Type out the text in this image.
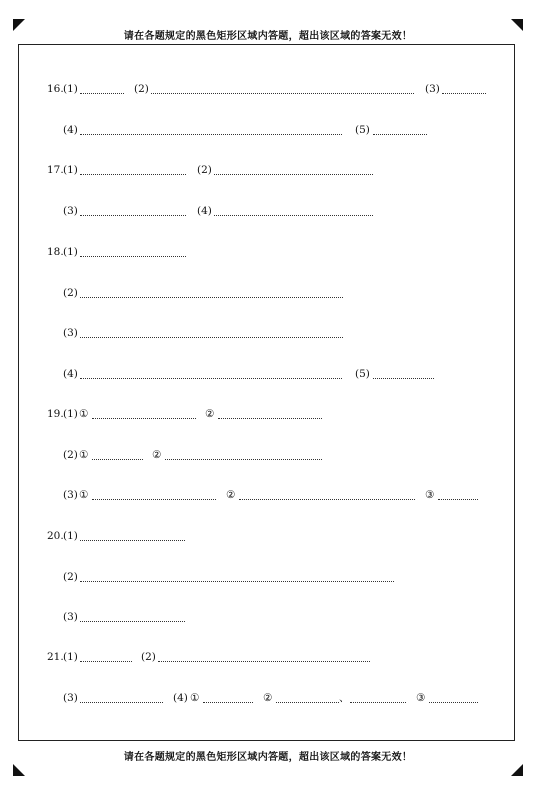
请在各题规定的黑色矩形区域内答题，超出该区域的答案无效！
16. (1)	(2)	(3)
(4)	(5)
17. (1)	(2)
(3)	(4)
18. (1)
(2)
(3)
(4)	(5)
19. (1) ①	②
(2) ①	②
(3) ①	②	③
20. (1)
(2)
(3)
21. (1)	(2)
(3)	(4) ①	②	、	③
请在各题规定的黑色矩形区域内答题，超出该区域的答案无效！
